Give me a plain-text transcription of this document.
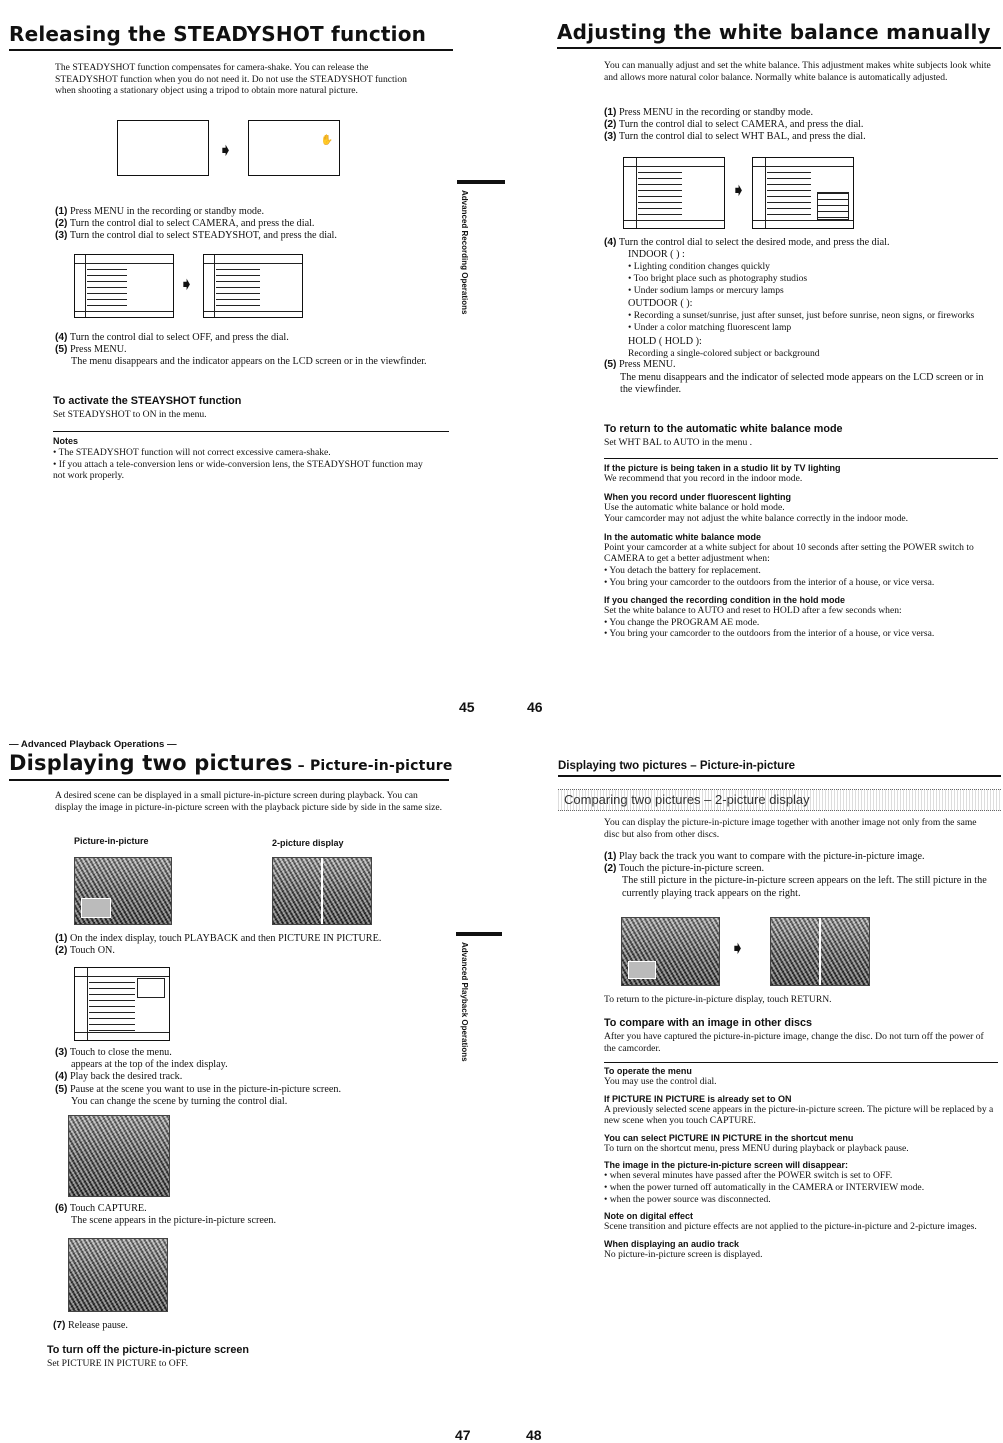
Releasing the STEADYSHOT function

The STEADYSHOT function compensates for camera-shake. You can release the STEADYSHOT function when you do not need it. Do not use the STEADYSHOT function when shooting a stationary object using a tripod to obtain more natural picture.

➧	✋

(1) Press MENU in the recording or standby mode.

(2) Turn the control dial to select CAMERA, and press the dial.

(3) Turn the control dial to select STEADYSHOT, and press the dial.

➧

(4) Turn the control dial to select OFF, and press the dial.

(5) Press MENU.

The menu disappears and the indicator appears on the LCD screen or in the viewfinder.

To activate the STEAYSHOT function

Set STEADYSHOT to ON in the menu.

Notes

• The STEADYSHOT function will not correct excessive camera-shake.

• If you attach a tele-conversion lens or wide-conversion lens, the STEADYSHOT function may not work properly.

Advanced Recording Operations
45
Adjusting the white balance manually

You can manually adjust and set the white balance. This adjustment makes white subjects look white and allows more natural color balance. Normally white balance is automatically adjusted.

(1) Press MENU in the recording or standby mode.

(2) Turn the control dial to select CAMERA, and press the dial.

(3) Turn the control dial to select WHT BAL, and press the dial.

➧

(4) Turn the control dial to select the desired mode, and press the dial.

INDOOR ( ) :

• Lighting condition changes quickly

• Too bright place such as photography studios

• Under sodium lamps or mercury lamps

OUTDOOR ( ):

• Recording a sunset/sunrise, just after sunset, just before sunrise, neon signs, or fireworks

• Under a color matching fluorescent lamp

HOLD ( HOLD ):

Recording a single-colored subject or background

(5) Press MENU.

The menu disappears and the indicator of selected mode appears on the LCD screen or in the viewfinder.

To return to the automatic white balance mode

Set WHT BAL to AUTO in the menu .

If the picture is being taken in a studio lit by TV lighting

We recommend that you record in the indoor mode.

When you record under fluorescent lighting

Use the automatic white balance or hold mode.

Your camcorder may not adjust the white balance correctly in the indoor mode.

In the automatic white balance mode

Point your camcorder at a white subject for about 10 seconds after setting the POWER switch to CAMERA to get a better adjustment when:

• You detach the battery for replacement.

• You bring your camcorder to the outdoors from the interior of a house, or vice versa.

If you changed the recording condition in the hold mode

Set the white balance to AUTO and reset to HOLD after a few seconds when:

• You change the PROGRAM AE mode.

• You bring your camcorder to the outdoors from the interior of a house, or vice versa.

46

— Advanced Playback Operations —

Displaying two pictures – Picture-in-picture

A desired scene can be displayed in a small picture-in-picture screen during playback. You can display the image in picture-in-picture screen with the playback picture side by side in the same size.

Picture-in-picture	2-picture display

(1) On the index display, touch PLAYBACK and then PICTURE IN PICTURE.

(2) Touch ON.

(3) Touch to close the menu.

appears at the top of the index display.

(4) Play back the desired track.

(5) Pause at the scene you want to use in the picture-in-picture screen.

You can change the scene by turning the control dial.

(6) Touch CAPTURE.

The scene appears in the picture-in-picture screen.

(7) Release pause.

To turn off the picture-in-picture screen

Set PICTURE IN PICTURE to OFF.

Advanced Playback Operations
47

Displaying two pictures – Picture-in-picture

Comparing two pictures – 2-picture display

You can display the picture-in-picture image together with another image not only from the same disc but also from other discs.

(1) Play back the track you want to compare with the picture-in-picture image.

(2) Touch the picture-in-picture screen.

The still picture in the picture-in-picture screen appears on the left. The still picture in the currently playing track appears on the right.

➧

To return to the picture-in-picture display, touch RETURN.

To compare with an image in other discs

After you have captured the picture-in-picture image, change the disc. Do not turn off the power of the camcorder.

To operate the menu

You may use the control dial.

If PICTURE IN PICTURE is already set to ON

A previously selected scene appears in the picture-in-picture screen. The picture will be replaced by a new scene when you touch CAPTURE.

You can select PICTURE IN PICTURE in the shortcut menu

To turn on the shortcut menu, press MENU during playback or playback pause.

The image in the picture-in-picture screen will disappear:

• when several minutes have passed after the POWER switch is set to OFF.

• when the power turned off automatically in the CAMERA or INTERVIEW mode.

• when the power source was disconnected.

Note on digital effect

Scene transition and picture effects are not applied to the picture-in-picture and 2-picture images.

When displaying an audio track

No picture-in-picture screen is displayed.

48
